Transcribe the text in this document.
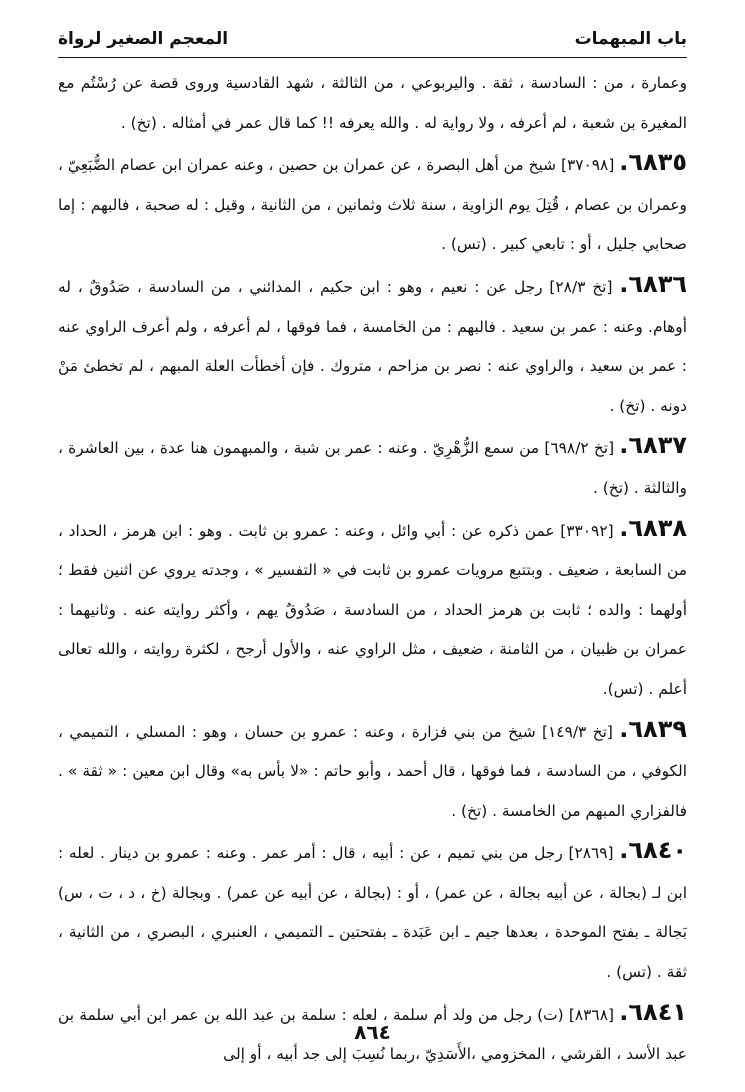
باب المبهمات
المعجم الصغير لرواة

وعمارة ، من : السادسة ، ثقة . واليربوعي ، من الثالثة ، شهد القادسية وروى قصة عن رُسْتُم مع المغيرة بن شعبة ، لم أعرفه ، ولا رواية له . والله يعرفه !! كما قال عمر في أمثاله . (تخ) .

٦٨٣٥. [٣٧٠٩٨] شيخ من أهل البصرة ، عن عمران بن حصين ، وعنه عمران ابن عصام الضُّبَعِيّ ، وعمران بن عصام ، قُتِلَ يوم الزاوية ، سنة ثلاث وثمانين ، من الثانية ، وقيل : له صحبة ، فالبهم : إما صحابي جليل ، أو : تابعي كبير . (تس) .

٦٨٣٦. [تخ ٢٨/٣] رجل عن : نعيم ، وهو : ابن حكيم ، المدائني ، من السادسة ، صَدُوقٌ ، له أوهام. وعنه : عمر بن سعيد . فالبهم : من الخامسة ، فما فوقها ، لم أعرفه ، ولم أعرف الراوي عنه : عمر بن سعيد ، والراوي عنه : نصر بن مزاحم ، متروك . فإن أخطأت العلة المبهم ، لم تخطئ مَنْ دونه . (تخ) .

٦٨٣٧. [تخ ٦٩٨/٢] من سمع الزُّهْرِيّ . وعنه : عمر بن شبة ، والمبهمون هنا عدة ، بين العاشرة ، والثالثة . (تخ) .

٦٨٣٨. [٣٣٠٩٢] عمن ذكره عن : أبي وائل ، وعنه : عمرو بن ثابت . وهو : ابن هرمز ، الحداد ، من السابعة ، ضعيف . وبتتبع مرويات عمرو بن ثابت في « التفسير » ، وجدته يروي عن اثنين فقط ؛ أولهما : والده ؛ ثابت بن هرمز الحداد ، من السادسة ، صَدُوقٌ يهم ، وأكثر روايته عنه . وثانيهما : عمران بن ظبيان ، من الثامنة ، ضعيف ، مثل الراوي عنه ، والأول أرجح ، لكثرة روايته ، والله تعالى أعلم . (تس).

٦٨٣٩. [تخ ١٤٩/٣] شيخ من بني فزارة ، وعنه : عمرو بن حسان ، وهو : المسلي ، التميمي ، الكوفي ، من السادسة ، فما فوقها ، قال أحمد ، وأبو حاتم : «لا بأس به» وقال ابن معين : « ثقة » . فالفزاري المبهم من الخامسة . (تخ) .

٦٨٤٠. [٢٨٦٩] رجل من بني تميم ، عن : أبيه ، قال : أمر عمر . وعنه : عمرو بن دينار . لعله : ابن لـ (بجالة ، عن أبيه بجالة ، عن عمر) ، أو : (بجالة ، عن أبيه عن عمر) . وبجالة (خ ، د ، ت ، س) بَجالة ـ بفتح الموحدة ، بعدها جيم ـ ابن عَبَدة ـ بفتحتين ـ التميمي ، العنبري ، البصري ، من الثانية ، ثقة . (تس) .

٦٨٤١. [٨٣٦٨] (ت) رجل من ولد أم سلمة ، لعله : سلمة بن عبد الله بن عمر ابن أبي سلمة بن عبد الأسد ، القرشي ، المخزومي ،الأَسَدِيّ ،ربما نُسِبَ إلى جد أبيه ، أو إلى

٨٦٤
